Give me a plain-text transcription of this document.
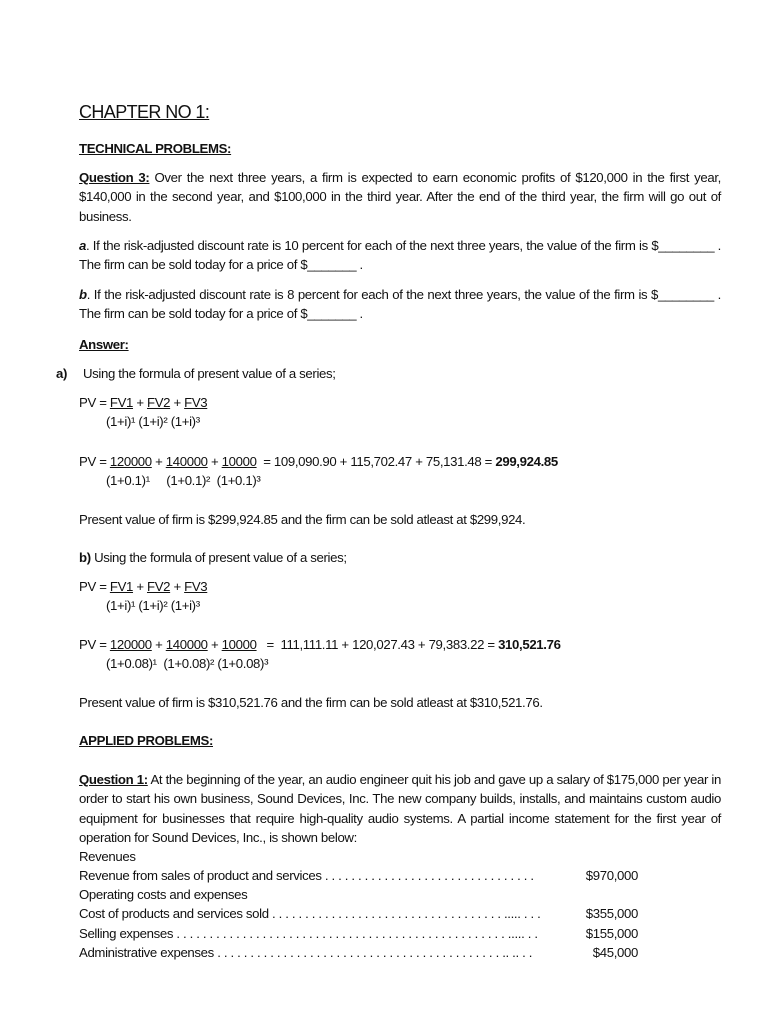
CHAPTER NO 1:
TECHNICAL PROBLEMS:
Question 3: Over the next three years, a firm is expected to earn economic profits of $120,000 in the first year, $140,000 in the second year, and $100,000 in the third year. After the end of the third year, the firm will go out of business.
a. If the risk-adjusted discount rate is 10 percent for each of the next three years, the value of the firm is $________ . The firm can be sold today for a price of $_______ .
b. If the risk-adjusted discount rate is 8 percent for each of the next three years, the value of the firm is $________ . The firm can be sold today for a price of $_______ .
Answer:
a) Using the formula of present value of a series;
PV = FV1 + FV2 + FV3
(1+i)¹ (1+i)² (1+i)³
PV = 120000 + 140000 + 10000  = 109,090.90 + 115,702.47 + 75,131.48 = 299,924.85
(1+0.1)¹     (1+0.1)²  (1+0.1)³
Present value of firm is $299,924.85 and the firm can be sold atleast at $299,924.
b) Using the formula of present value of a series;
PV = FV1 + FV2 + FV3
(1+i)¹ (1+i)² (1+i)³
PV = 120000 + 140000 + 10000   =  111,111.11 + 120,027.43 + 79,383.22 = 310,521.76
(1+0.08)¹  (1+0.08)² (1+0.08)³
Present value of firm is $310,521.76 and the firm can be sold atleast at $310,521.76.
APPLIED PROBLEMS:
Question 1: At the beginning of the year, an audio engineer quit his job and gave up a salary of $175,000 per year in order to start his own business, Sound Devices, Inc. The new company builds, installs, and maintains custom audio equipment for businesses that require high-quality audio systems. A partial income statement for the first year of operation for Sound Devices, Inc., is shown below:
Revenues
Revenue from sales of product and services . . . . . . . . . . . . . . . . . . . . . . . . . . . . . . . .	$970,000
Operating costs and expenses
Cost of products and services sold . . . . . . . . . . . . . . . . . . . . . . . . . . . . . . . . . . . ..... . . .	$355,000
Selling expenses . . . . . . . . . . . . . . . . . . . . . . . . . . . . . . . . . . . . . . . . . . . . . . . . . . ..... . .	$155,000
Administrative expenses . . . . . . . . . . . . . . . . . . . . . . . . . . . . . . . . . . . . . . . . . . . .. .. . .	$45,000
